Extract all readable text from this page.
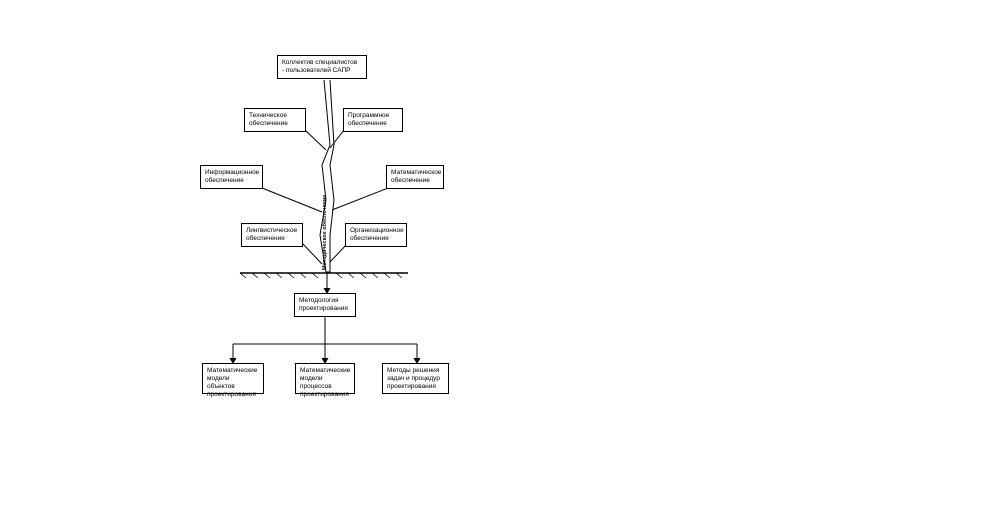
Коллектив специалистов
- пользователей САПР
Техническое
обеспечение
Программное
обеспечение
Информационное
обеспечение
Математическое
обеспечение
Лингвистическое
обеспечение
Организационное
обеспечение
Методическое обеспечение
Методология
проектирования
Математические
модели объектов
проектирования
Математические
модели процессов
проектирования
Методы решения
задач и процедур
проектирования
